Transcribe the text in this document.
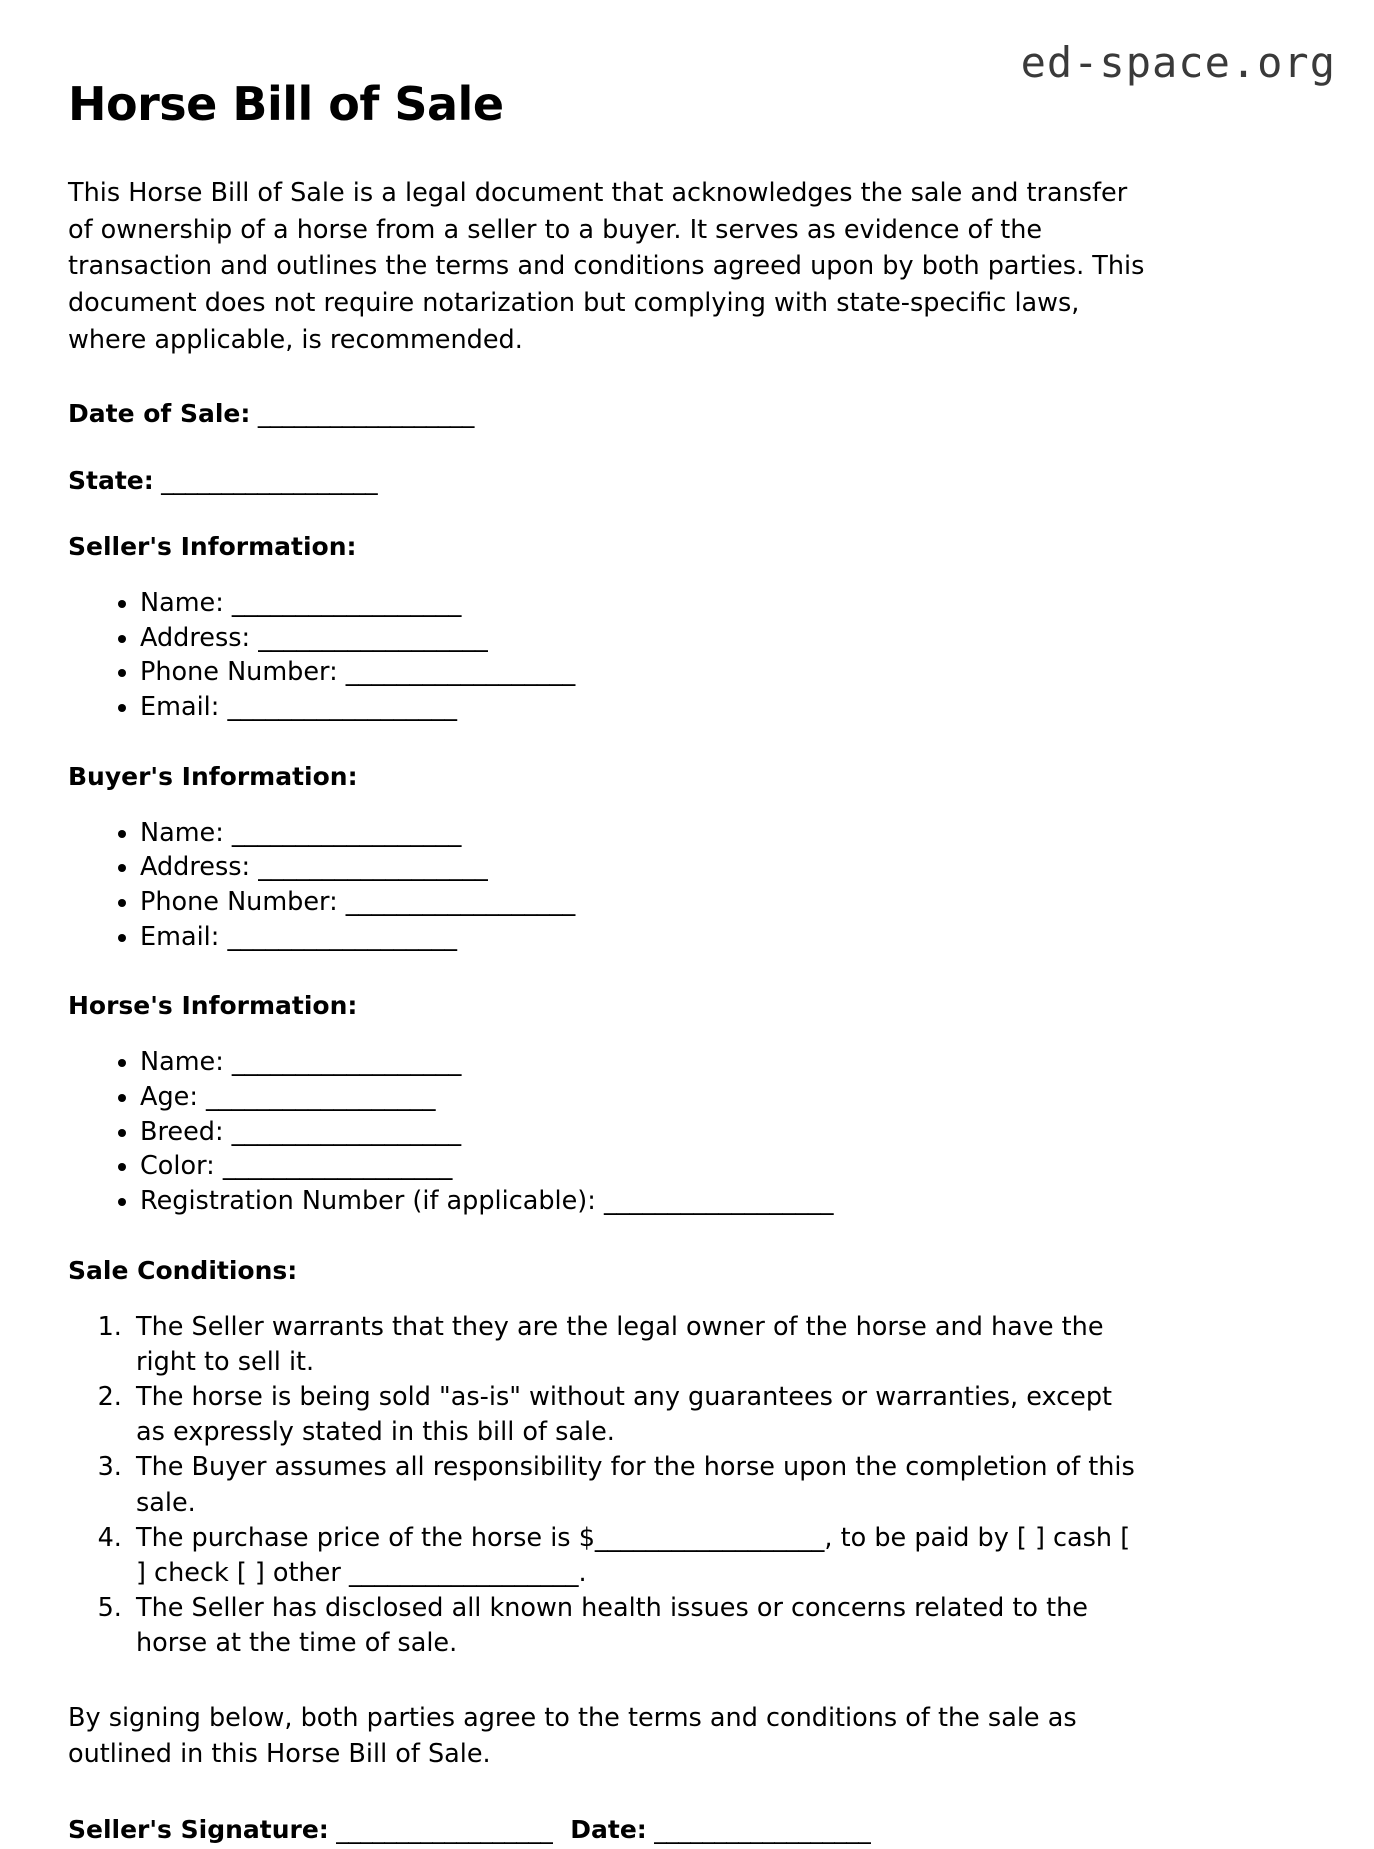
ed-space.org
Horse Bill of Sale

This Horse Bill of Sale is a legal document that acknowledges the sale and transfer of ownership of a horse from a seller to a buyer. It serves as evidence of the transaction and outlines the terms and conditions agreed upon by both parties. This document does not require notarization but complying with state-specific laws, where applicable, is recommended.

Date of Sale: __________________

State: __________________

Seller's Information:
• Name: __________________
• Address: __________________
• Phone Number: __________________
• Email: __________________
Buyer's Information:
• Name: __________________
• Address: __________________
• Phone Number: __________________
• Email: __________________
Horse's Information:
• Name: __________________
• Age: __________________
• Breed: __________________
• Color: __________________
• Registration Number (if applicable): __________________
Sale Conditions:
1. The Seller warrants that they are the legal owner of the horse and have the right to sell it.
2. The horse is being sold "as-is" without any guarantees or warranties, except as expressly stated in this bill of sale.
3. The Buyer assumes all responsibility for the horse upon the completion of this sale.
4. The purchase price of the horse is $__________________, to be paid by [ ] cash [ ] check [ ] other __________________.
5. The Seller has disclosed all known health issues or concerns related to the horse at the time of sale.

By signing below, both parties agree to the terms and conditions of the sale as outlined in this Horse Bill of Sale.

Seller's Signature: __________________ Date: __________________
